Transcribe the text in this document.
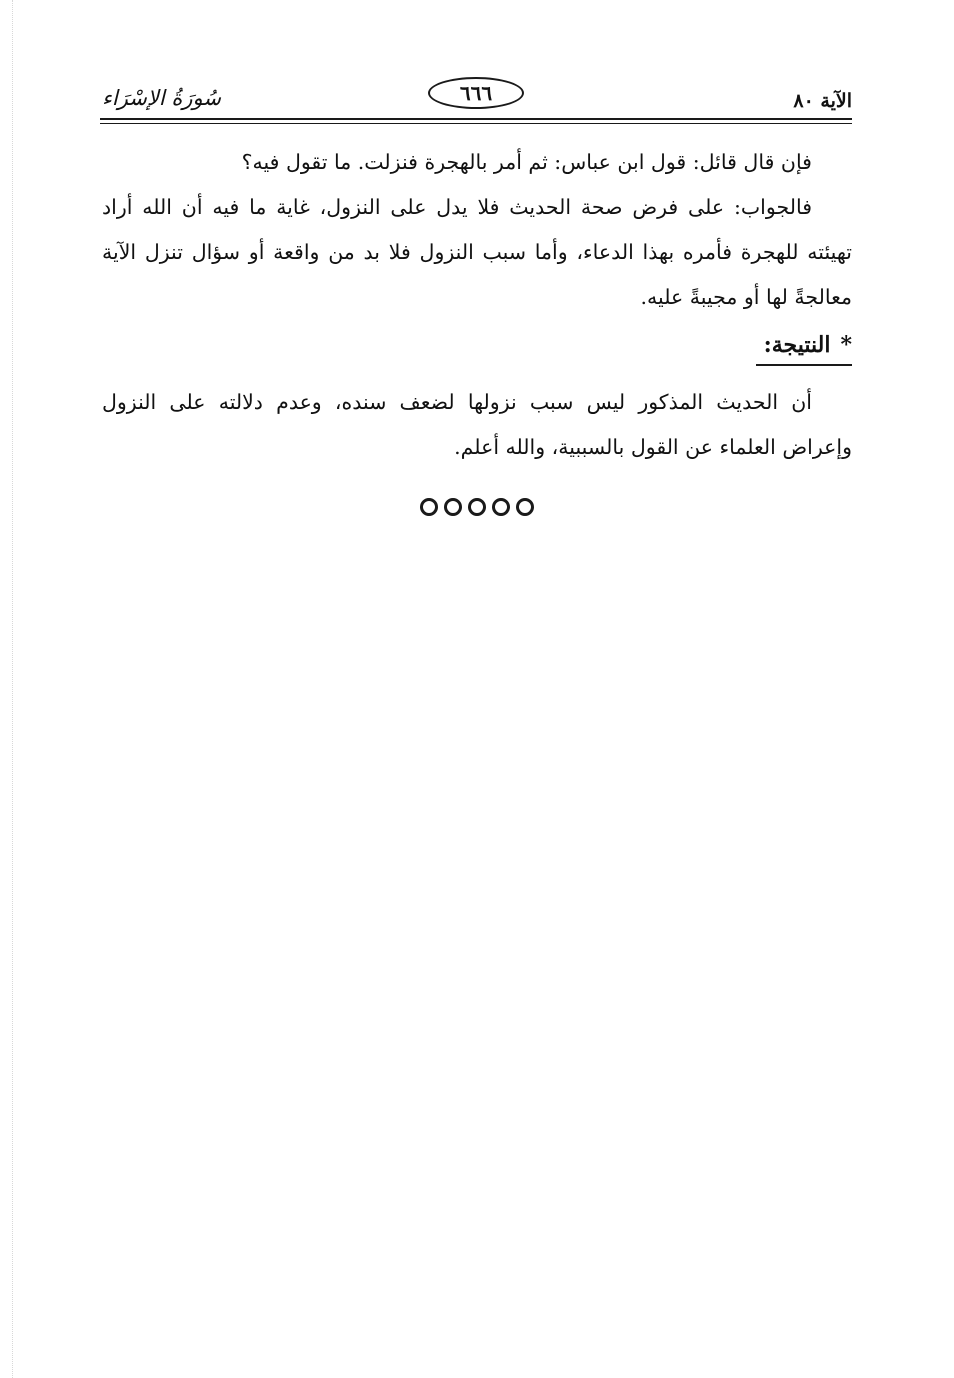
الآية ٨٠
٦٦٦
سُورَةُ الإسْرَاء

فإن قال قائل: قول ابن عباس: ثم أمر بالهجرة فنزلت. ما تقول فيه؟

فالجواب: على فرض صحة الحديث فلا يدل على النزول، غاية ما فيه أن الله أراد تهيئته للهجرة فأمره بهذا الدعاء، وأما سبب النزول فلا بد من واقعة أو سؤال تنزل الآية معالجةً لها أو مجيبةً عليه.

*النتيجة:

أن الحديث المذكور ليس سبب نزولها لضعف سنده، وعدم دلالته على النزول وإعراض العلماء عن القول بالسببية، والله أعلم.
